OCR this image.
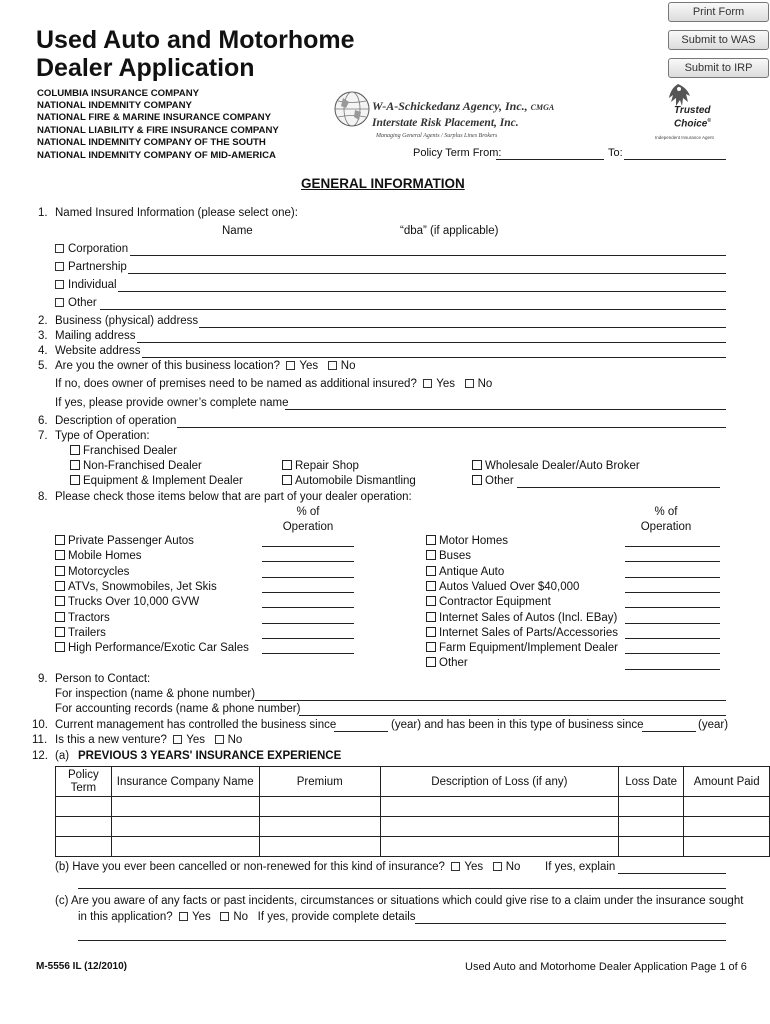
Print Form
Submit to WAS
Submit to IRP
Used Auto and Motorhome
Dealer Application
COLUMBIA INSURANCE COMPANY
NATIONAL INDEMNITY COMPANY
NATIONAL FIRE & MARINE INSURANCE COMPANY
NATIONAL LIABILITY & FIRE INSURANCE COMPANY
NATIONAL INDEMNITY COMPANY OF THE SOUTH
NATIONAL INDEMNITY COMPANY OF MID-AMERICA
W-A-Schickedanz Agency, Inc., CMGA
Interstate Risk Placement, Inc.
Managing General Agents / Surplus Lines Brokers
Trusted
Choice®
Independent Insurance Agent
Policy Term From:	To:
GENERAL INFORMATION
1. Named Insured Information (please select one):
Name	“dba” (if applicable)
Corporation
Partnership
Individual
Other
2. Business (physical) address
3. Mailing address
4. Website address
5. Are you the owner of this business location? Yes No
If no, does owner of premises need to be named as additional insured? Yes No
If yes, please provide owner’s complete name
6. Description of operation
7. Type of Operation:
Franchised Dealer
Non-Franchised Dealer	Repair Shop	Wholesale Dealer/Auto Broker
Equipment & Implement Dealer	Automobile Dismantling	Other
8. Please check those items below that are part of your dealer operation:
% of
Operation
% of
Operation
Private Passenger Autos
Mobile Homes
Motorcycles
ATVs, Snowmobiles, Jet Skis
Trucks Over 10,000 GVW
Tractors
Trailers
High Performance/Exotic Car Sales
Motor Homes
Buses
Antique Auto
Autos Valued Over $40,000
Contractor Equipment
Internet Sales of Autos (Incl. EBay)
Internet Sales of Parts/Accessories
Farm Equipment/Implement Dealer
Other
9. Person to Contact:
For inspection (name & phone number)
For accounting records (name & phone number)
10. Current management has controlled the business since	(year) and has been in this type of business since	(year)
11. Is this a new venture? Yes No
12. (a) PREVIOUS 3 YEARS' INSURANCE EXPERIENCE
Policy Term	Insurance Company Name	Premium	Description of Loss (if any)	Loss Date	Amount Paid

(b) Have you ever been cancelled or non-renewed for this kind of insurance? Yes No If yes, explain
(c) Are you aware of any facts or past incidents, circumstances or situations which could give rise to a claim under the insurance sought
in this application? Yes No If yes, provide complete details
M-5556 IL (12/2010)	Used Auto and Motorhome Dealer Application Page 1 of 6
